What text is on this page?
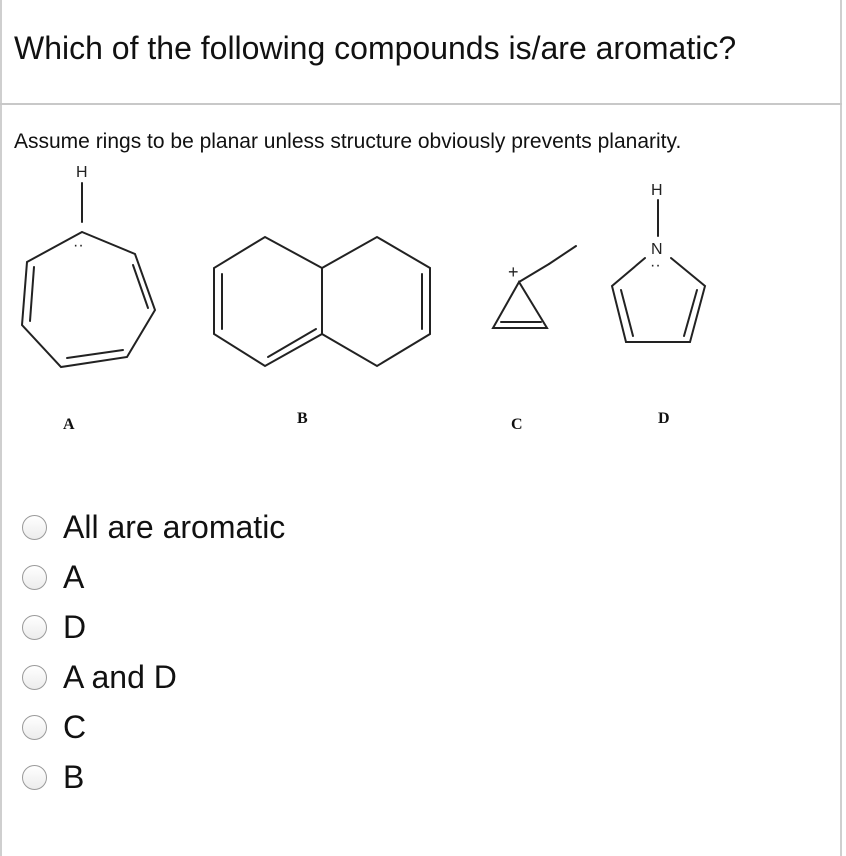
Which of the following compounds is/are aromatic?

Assume rings to be planar unless structure obviously prevents planarity.

H
··
+
H
N
··
A	B	C	D
All are aromatic
A
D
A and D
C
B
